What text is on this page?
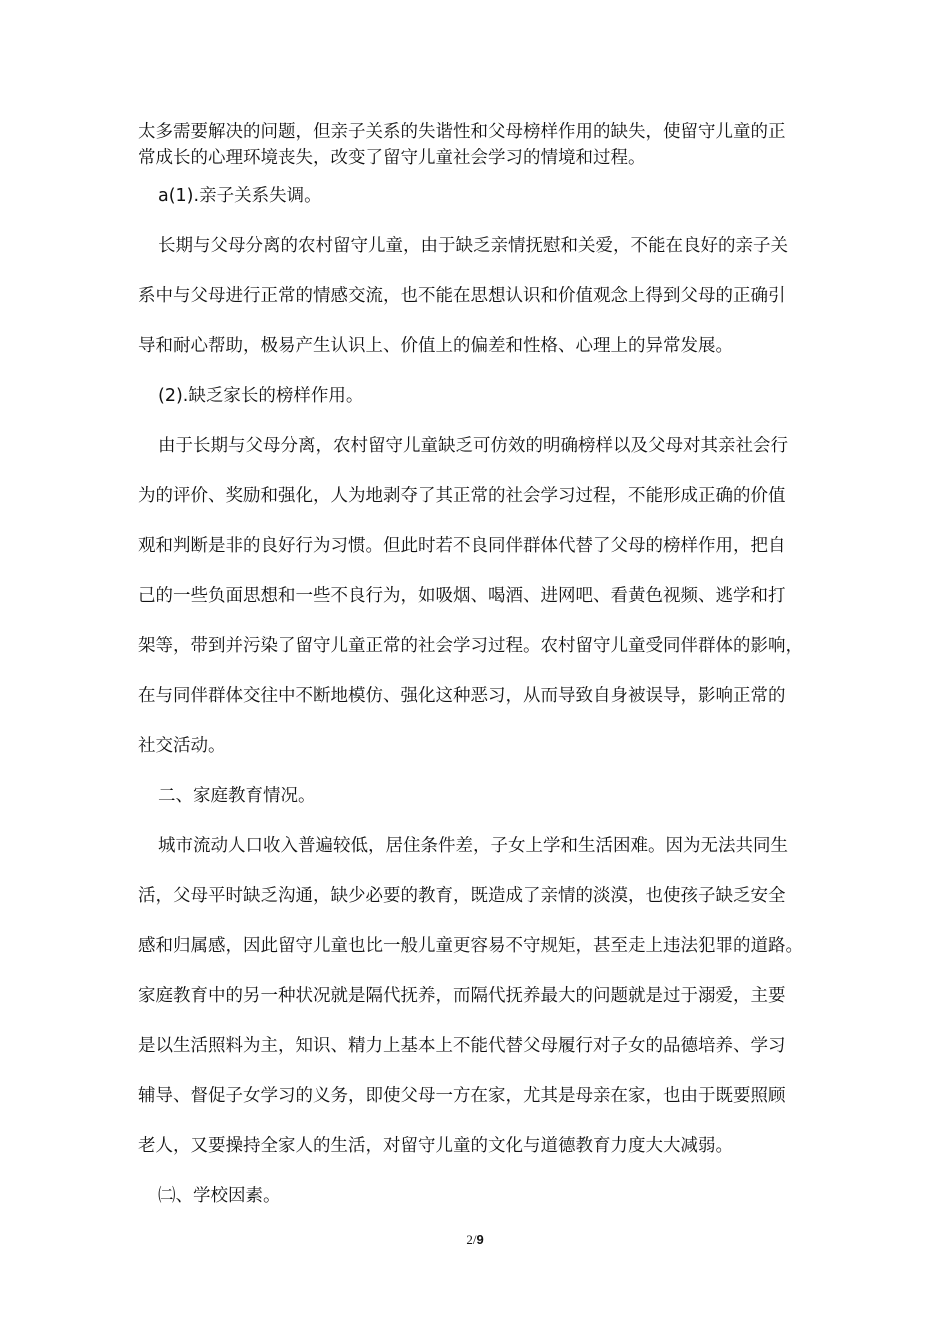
太多需要解决的问题，但亲子关系的失谐性和父母榜样作用的缺失，使留守儿童的正
常成长的心理环境丧失，改变了留守儿童社会学习的情境和过程。
a(1).亲子关系失调。
长期与父母分离的农村留守儿童，由于缺乏亲情抚慰和关爱，不能在良好的亲子关
系中与父母进行正常的情感交流，也不能在思想认识和价值观念上得到父母的正确引
导和耐心帮助，极易产生认识上、价值上的偏差和性格、心理上的异常发展。
(2).缺乏家长的榜样作用。
由于长期与父母分离，农村留守儿童缺乏可仿效的明确榜样以及父母对其亲社会行
为的评价、奖励和强化，人为地剥夺了其正常的社会学习过程，不能形成正确的价值
观和判断是非的良好行为习惯。但此时若不良同伴群体代替了父母的榜样作用，把自
己的一些负面思想和一些不良行为，如吸烟、喝酒、进网吧、看黄色视频、逃学和打
架等，带到并污染了留守儿童正常的社会学习过程。农村留守儿童受同伴群体的影响，
在与同伴群体交往中不断地模仿、强化这种恶习，从而导致自身被误导，影响正常的
社交活动。
二、家庭教育情况。
城市流动人口收入普遍较低，居住条件差，子女上学和生活困难。因为无法共同生
活，父母平时缺乏沟通，缺少必要的教育，既造成了亲情的淡漠，也使孩子缺乏安全
感和归属感，因此留守儿童也比一般儿童更容易不守规矩，甚至走上违法犯罪的道路。
家庭教育中的另一种状况就是隔代抚养，而隔代抚养最大的问题就是过于溺爱，主要
是以生活照料为主，知识、精力上基本上不能代替父母履行对子女的品德培养、学习
辅导、督促子女学习的义务，即使父母一方在家，尤其是母亲在家，也由于既要照顾
老人，又要操持全家人的生活，对留守儿童的文化与道德教育力度大大减弱。
㈡、学校因素。
2/9
